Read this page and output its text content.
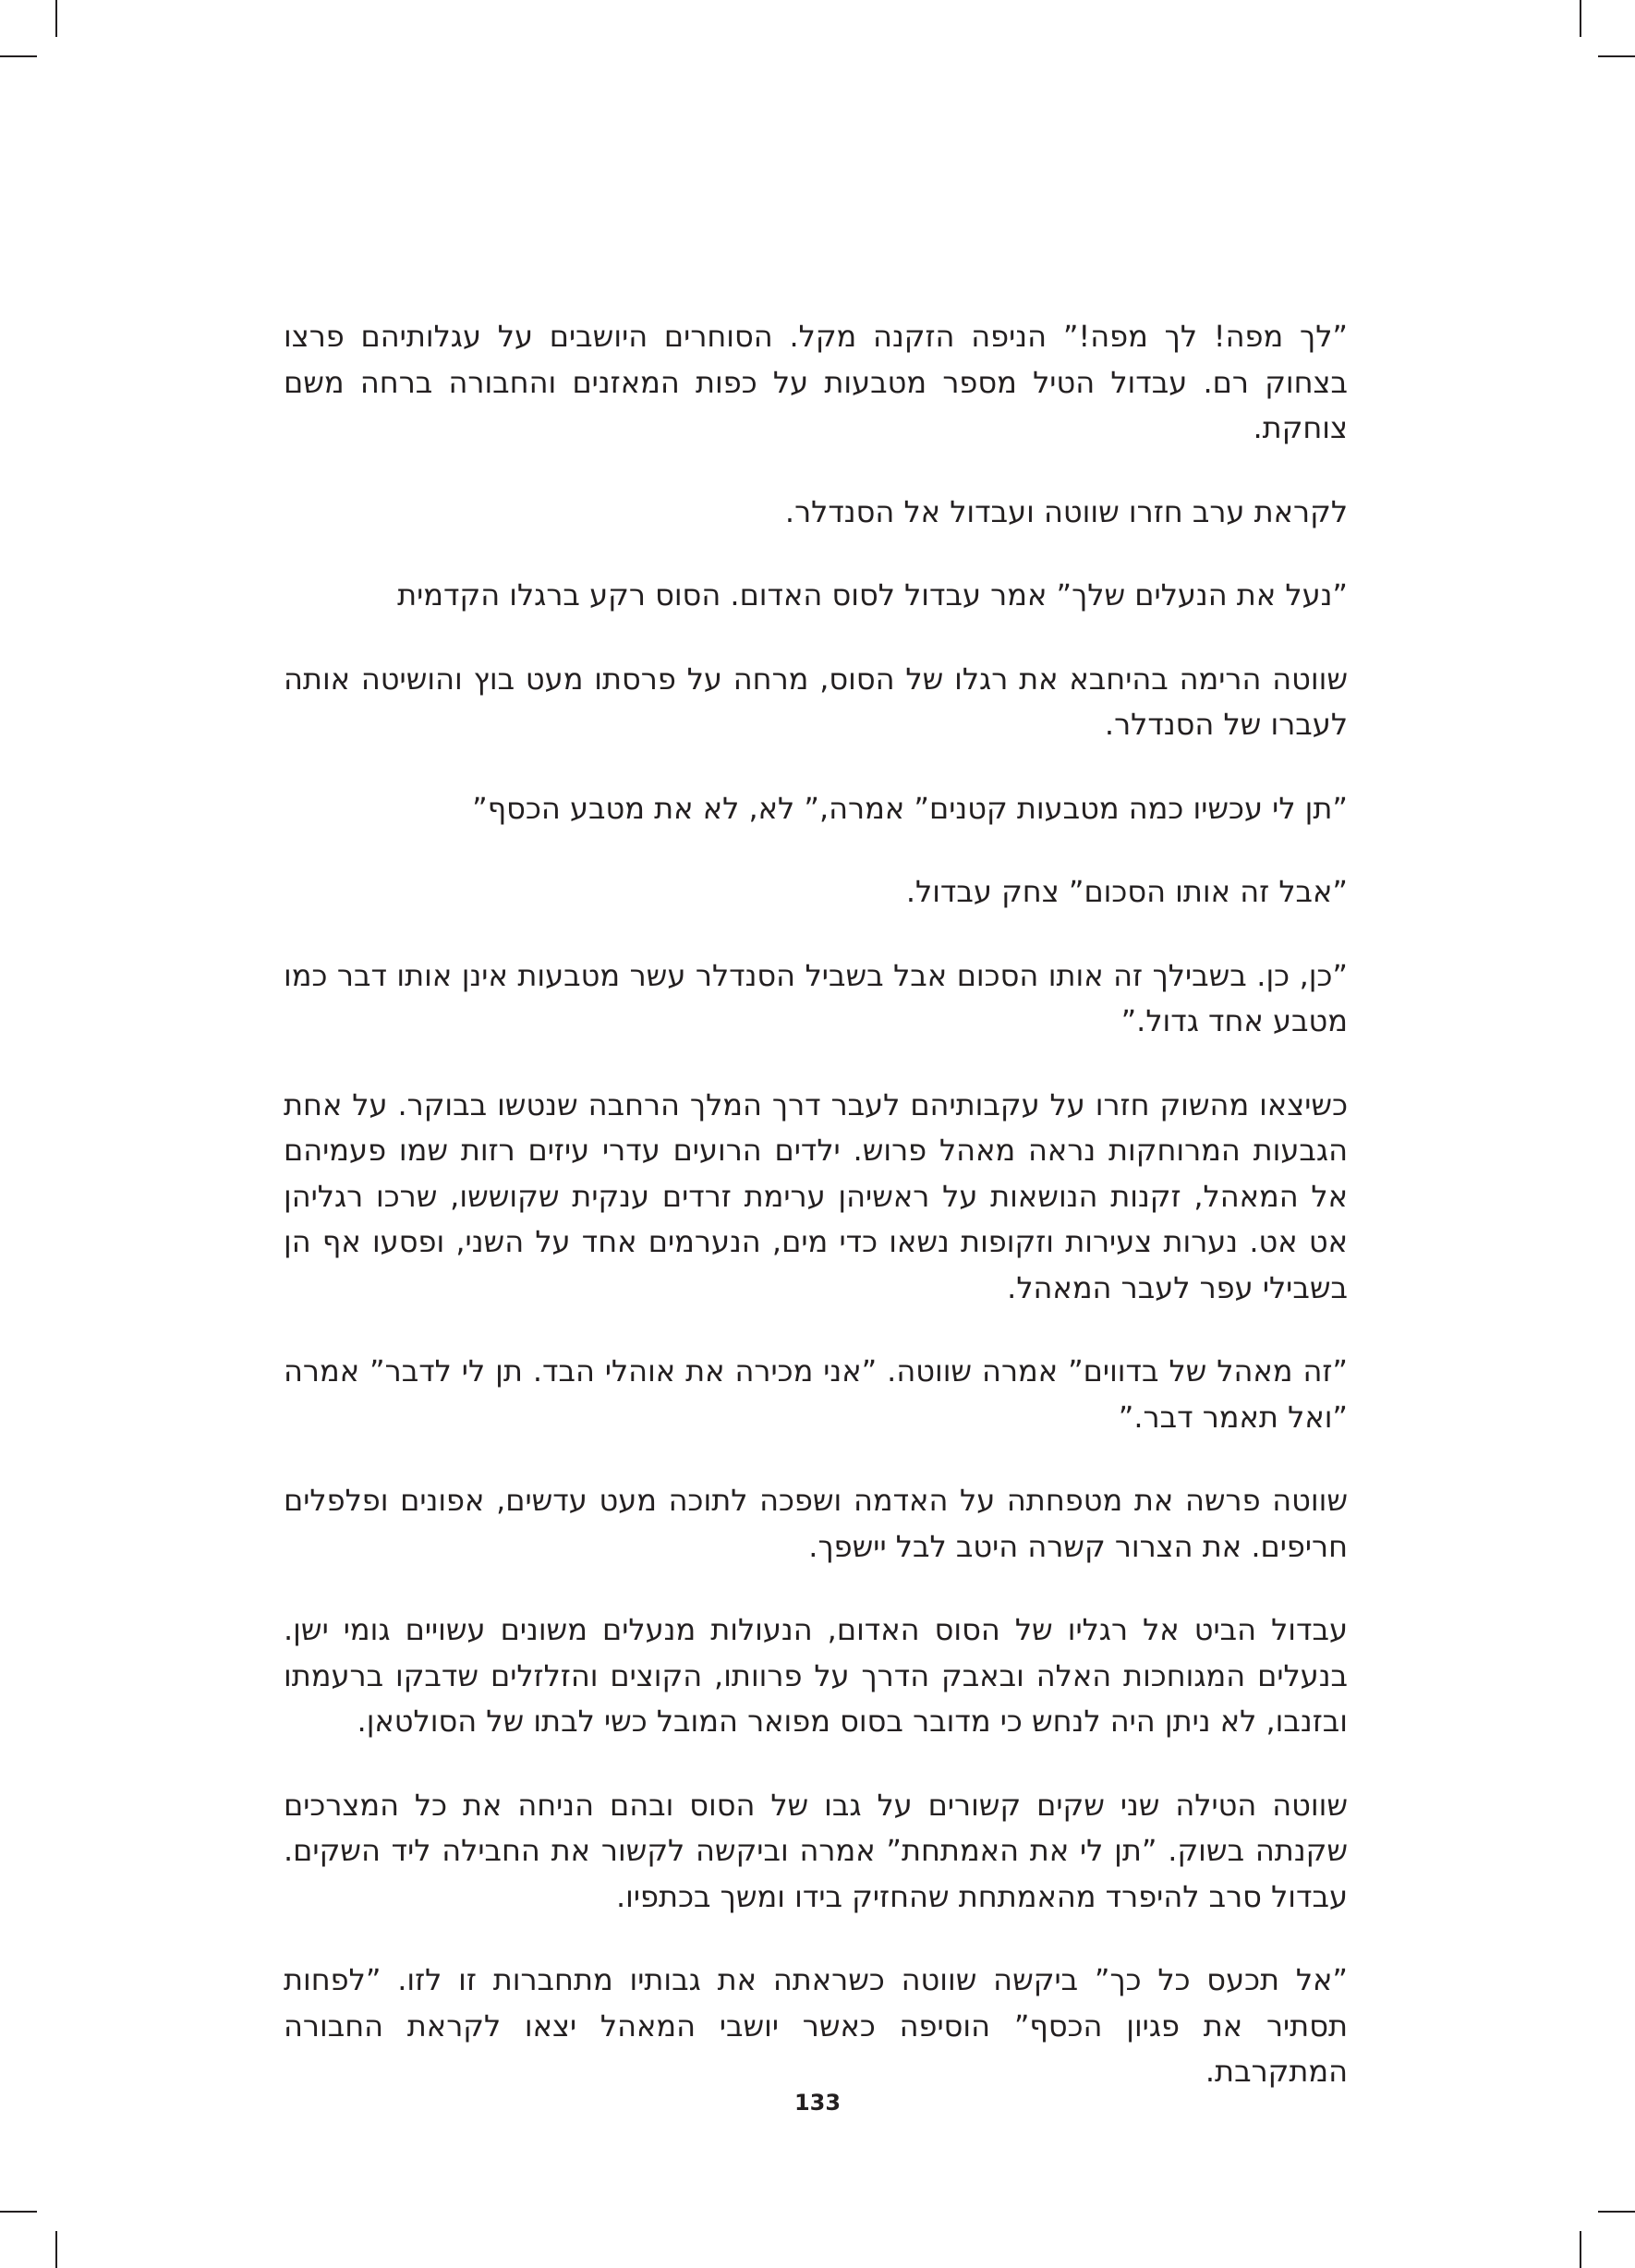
”לך מפה! לך מפה!” הניפה הזקנה מקל. הסוחרים היושבים על עגלותיהם פרצו בצחוק רם. עבדול הטיל מספר מטבעות על כפות המאזנים והחבורה ברחה משם צוחקת.

לקראת ערב חזרו שווטה ועבדול אל הסנדלר.

”נעל את הנעלים שלך” אמר עבדול לסוס האדום. הסוס רקע ברגלו הקדמית

שווטה הרימה בהיחבא את רגלו של הסוס, מרחה על פרסתו מעט בוץ והושיטה אותה לעברו של הסנדלר.

”תן לי עכשיו כמה מטבעות קטנים” אמרה,” לא, לא את מטבע הכסף”

”אבל זה אותו הסכום” צחק עבדול.

”כן, כן. בשבילך זה אותו הסכום אבל בשביל הסנדלר עשר מטבעות אינן אותו דבר כמו מטבע אחד גדול.”

כשיצאו מהשוק חזרו על עקבותיהם לעבר דרך המלך הרחבה שנטשו בבוקר. על אחת הגבעות המרוחקות נראה מאהל פרוש. ילדים הרועים עדרי עיזים רזות שמו פעמיהם אל המאהל, זקנות הנושאות על ראשיהן ערימת זרדים ענקית שקוששו, שרכו רגליהן אט אט. נערות צעירות וזקופות נשאו כדי מים, הנערמים אחד על השני, ופסעו אף הן בשבילי עפר לעבר המאהל.

”זה מאהל של בדווים” אמרה שווטה. ”אני מכירה את אוהלי הבד. תן לי לדבר” אמרה ”ואל תאמר דבר.”

שווטה פרשה את מטפחתה על האדמה ושפכה לתוכה מעט עדשים, אפונים ופלפלים חריפים. את הצרור קשרה היטב לבל יישפך.

עבדול הביט אל רגליו של הסוס האדום, הנעולות מנעלים משונים עשויים גומי ישן. בנעלים המגוחכות האלה ובאבק הדרך על פרוותו, הקוצים והזלזלים שדבקו ברעמתו ובזנבו, לא ניתן היה לנחש כי מדובר בסוס מפואר המובל כשי לבתו של הסולטאן.

שווטה הטילה שני שקים קשורים על גבו של הסוס ובהם הניחה את כל המצרכים שקנתה בשוק. ”תן לי את האמתחת” אמרה וביקשה לקשור את החבילה ליד השקים. עבדול סרב להיפרד מהאמתחת שהחזיק בידו ומשך בכתפיו.

”אל תכעס כל כך” ביקשה שווטה כשראתה את גבותיו מתחברות זו לזו. ”לפחות תסתיר את פגיון הכסף” הוסיפה כאשר יושבי המאהל יצאו לקראת החבורה המתקרבת.

133
